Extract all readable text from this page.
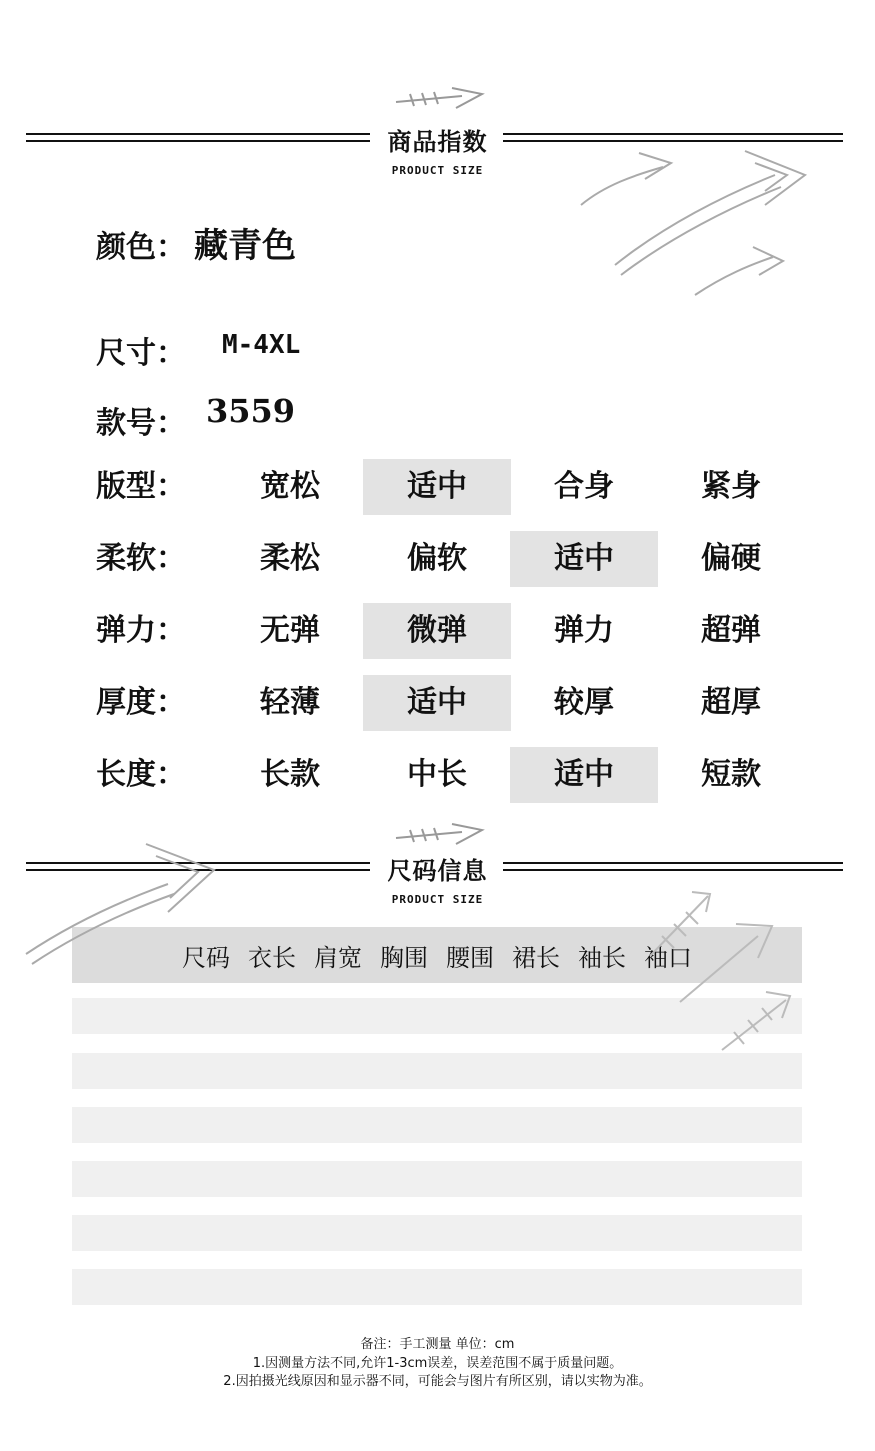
商品指数
PRODUCT SIZE
颜色： 藏青色
尺寸： M-4XL
款号： 3559
版型：	宽松	适中	合身	紧身
柔软：	柔松	偏软	适中	偏硬
弹力：	无弹	微弹	弹力	超弹
厚度：	轻薄	适中	较厚	超厚
长度：	长款	中长	适中	短款
尺码信息
PRODUCT SIZE
尺码 衣长 肩宽 胸围 腰围 裙长 袖长 袖口
备注：手工测量 单位：cm
1.因测量方法不同,允许1-3cm误差，误差范围不属于质量问题。
2.因拍摄光线原因和显示器不同，可能会与图片有所区别，请以实物为准。
